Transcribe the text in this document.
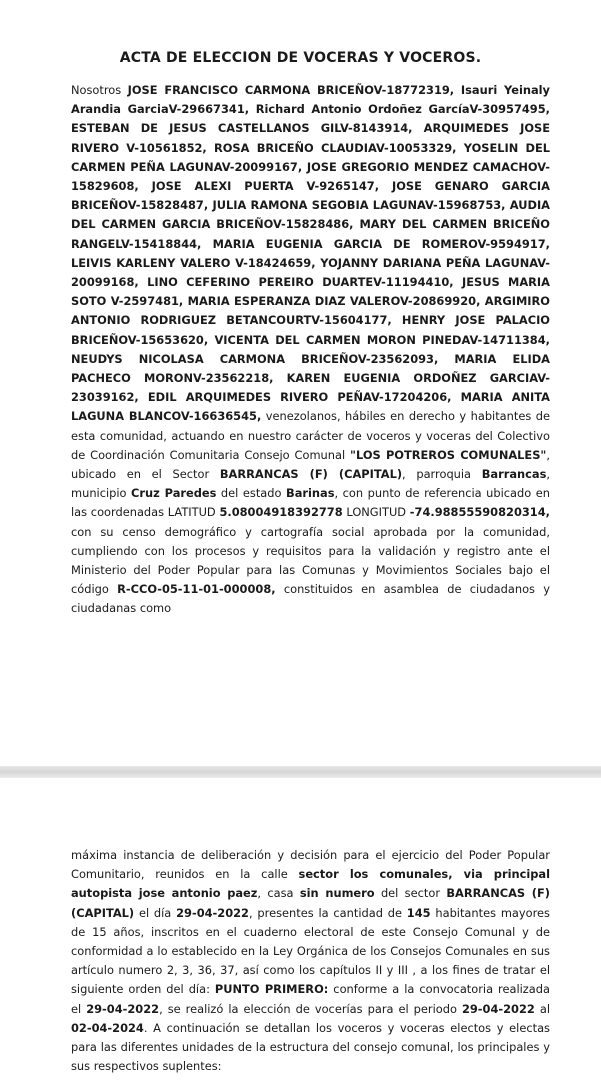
ACTA DE ELECCION DE VOCERAS Y VOCEROS.
Nosotros JOSE FRANCISCO CARMONA BRICEÑOV-18772319, Isauri Yeinaly Arandia GarciaV-29667341, Richard Antonio Ordoñez GarcíaV-30957495, ESTEBAN DE JESUS CASTELLANOS GILV-8143914, ARQUIMEDES JOSE RIVERO V-10561852, ROSA BRICEÑO CLAUDIAV-10053329, YOSELIN DEL CARMEN PEÑA LAGUNAV-20099167, JOSE GREGORIO MENDEZ CAMACHOV-15829608, JOSE ALEXI PUERTA V-9265147, JOSE GENARO GARCIA BRICEÑOV-15828487, JULIA RAMONA SEGOBIA LAGUNAV-15968753, AUDIA DEL CARMEN GARCIA BRICEÑOV-15828486, MARY DEL CARMEN BRICEÑO RANGELV-15418844, MARIA EUGENIA GARCIA DE ROMEROV-9594917, LEIVIS KARLENY VALERO V-18424659, YOJANNY DARIANA PEÑA LAGUNAV-20099168, LINO CEFERINO PEREIRO DUARTEV-11194410, JESUS MARIA SOTO V-2597481, MARIA ESPERANZA DIAZ VALEROV-20869920, ARGIMIRO ANTONIO RODRIGUEZ BETANCOURTV-15604177, HENRY JOSE PALACIO BRICEÑOV-15653620, VICENTA DEL CARMEN MORON PINEDAV-14711384, NEUDYS NICOLASA CARMONA BRICEÑOV-23562093, MARIA ELIDA PACHECO MORONV-23562218, KAREN EUGENIA ORDOÑEZ GARCIAV-23039162, EDIL ARQUIMEDES RIVERO PEÑAV-17204206, MARIA ANITA LAGUNA BLANCOV-16636545, venezolanos, hábiles en derecho y habitantes de esta comunidad, actuando en nuestro carácter de voceros y voceras del Colectivo de Coordinación Comunitaria Consejo Comunal "LOS POTREROS COMUNALES", ubicado en el Sector BARRANCAS (F) (CAPITAL), parroquia Barrancas, municipio Cruz Paredes del estado Barinas, con punto de referencia ubicado en las coordenadas LATITUD 5.08004918392778 LONGITUD -74.98855590820314, con su censo demográfico y cartografía social aprobada por la comunidad, cumpliendo con los procesos y requisitos para la validación y registro ante el Ministerio del Poder Popular para las Comunas y Movimientos Sociales bajo el código R-CCO-05-11-01-000008, constituidos en asamblea de ciudadanos y ciudadanas como
máxima instancia de deliberación y decisión para el ejercicio del Poder Popular Comunitario, reunidos en la calle sector los comunales, via principal autopista jose antonio paez, casa sin numero del sector BARRANCAS (F) (CAPITAL) el día 29-04-2022, presentes la cantidad de 145 habitantes mayores de 15 años, inscritos en el cuaderno electoral de este Consejo Comunal y de conformidad a lo establecido en la Ley Orgánica de los Consejos Comunales en sus artículo numero 2, 3, 36, 37, así como los capítulos II y III , a los fines de tratar el siguiente orden del día: PUNTO PRIMERO: conforme a la convocatoria realizada el 29-04-2022, se realizó la elección de vocerías para el periodo 29-04-2022 al 02-04-2024. A continuación se detallan los voceros y voceras electos y electas para las diferentes unidades de la estructura del consejo comunal, los principales y sus respectivos suplentes:
